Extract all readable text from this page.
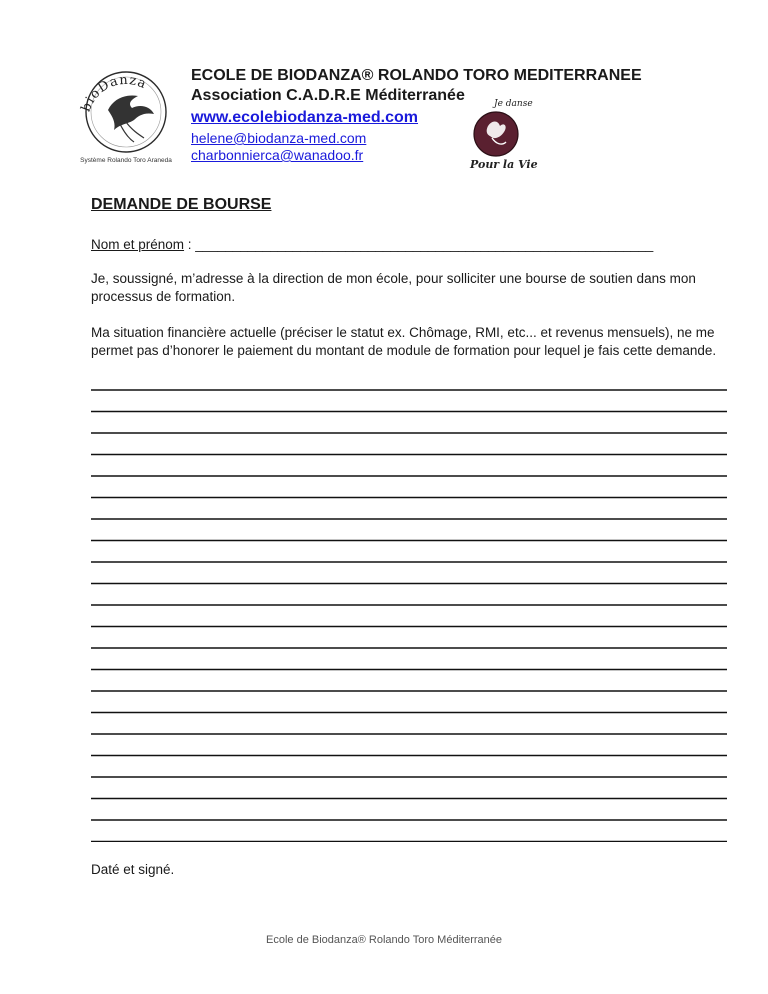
bioDanza
Système Rolando Toro Araneda
ECOLE DE BIODANZA® ROLANDO TORO MEDITERRANEE
Association C.A.D.R.E Méditerranée
www.ecolebiodanza-med.com
helene@biodanza-med.com
charbonnierca@wanadoo.fr
Je danse
Pour la Vie
DEMANDE DE BOURSE
Nom et prénom : _____________________________________________________________
Je, soussigné, m’adresse à la direction de mon école, pour solliciter une bourse de soutien dans mon processus de formation.
Ma situation financière actuelle (préciser le statut ex. Chômage, RMI, etc... et revenus mensuels), ne me permet pas d’honorer le paiement du montant de module de formation pour lequel je fais cette demande.
Daté et signé.
Ecole de Biodanza® Rolando Toro Méditerranée
